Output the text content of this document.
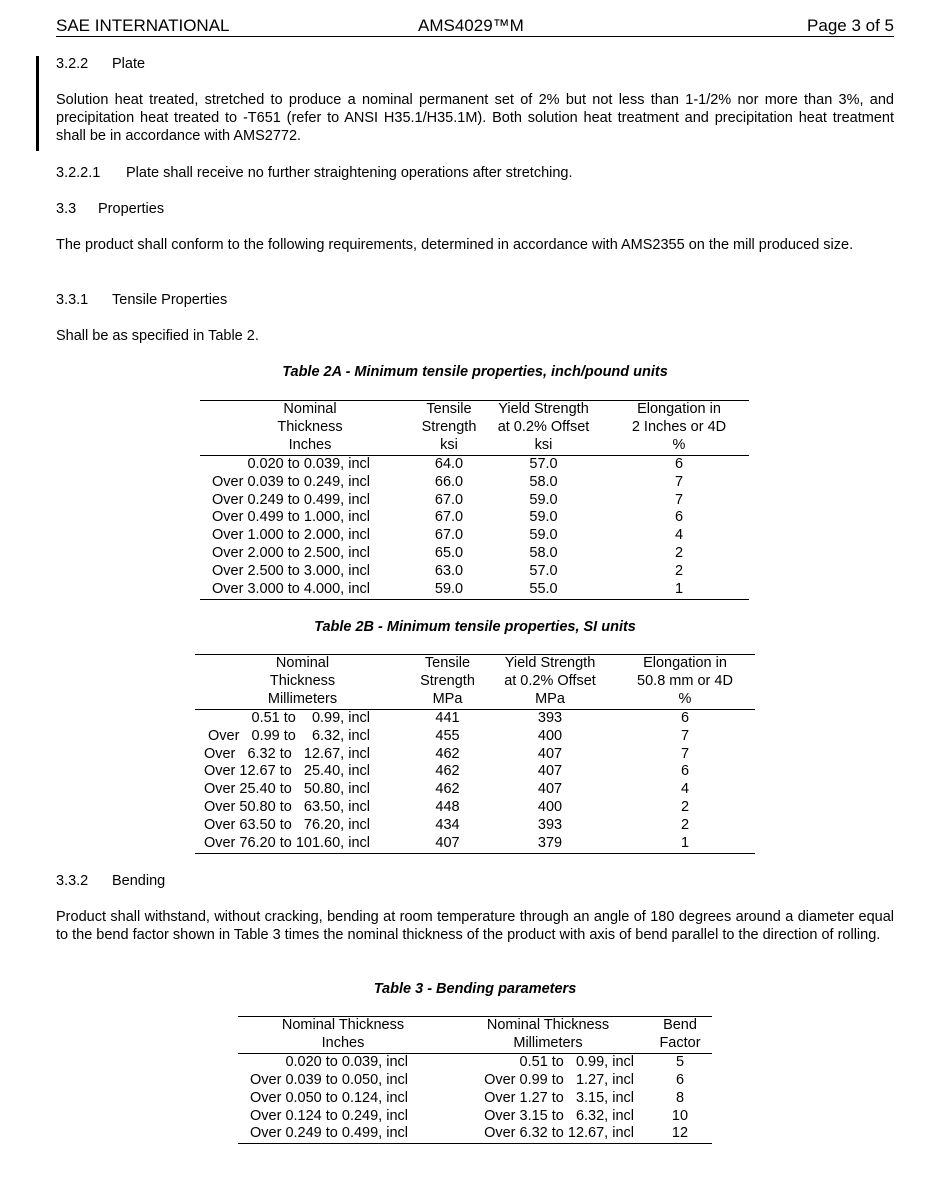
SAE INTERNATIONAL	AMS4029™M	Page 3 of 5
3.2.2 Plate
Solution heat treated, stretched to produce a nominal permanent set of 2% but not less than 1-1/2% nor more than 3%, and precipitation heat treated to -T651 (refer to ANSI H35.1/H35.1M). Both solution heat treatment and precipitation heat treatment shall be in accordance with AMS2772.
3.2.2.1 Plate shall receive no further straightening operations after stretching.
3.3 Properties
The product shall conform to the following requirements, determined in accordance with AMS2355 on the mill produced size.
3.3.1 Tensile Properties
Shall be as specified in Table 2.
Table 2A - Minimum tensile properties, inch/pound units
Nominal	Tensile	Yield Strength	Elongation in
Thickness	Strength	at 0.2% Offset	2 Inches or 4D
Inches	ksi	ksi	%
0.020 to 0.039, incl	64.0	57.0	6
Over 0.039 to 0.249, incl	66.0	58.0	7
Over 0.249 to 0.499, incl	67.0	59.0	7
Over 0.499 to 1.000, incl	67.0	59.0	6
Over 1.000 to 2.000, incl	67.0	59.0	4
Over 2.000 to 2.500, incl	65.0	58.0	2
Over 2.500 to 3.000, incl	63.0	57.0	2
Over 3.000 to 4.000, incl	59.0	55.0	1
Table 2B - Minimum tensile properties, SI units
Nominal	Tensile	Yield Strength	Elongation in
Thickness	Strength	at 0.2% Offset	50.8 mm or 4D
Millimeters	MPa	MPa	%
0.51 to    0.99, incl	441	393	6
Over   0.99 to    6.32, incl	455	400	7
Over   6.32 to   12.67, incl	462	407	7
Over 12.67 to   25.40, incl	462	407	6
Over 25.40 to   50.80, incl	462	407	4
Over 50.80 to   63.50, incl	448	400	2
Over 63.50 to   76.20, incl	434	393	2
Over 76.20 to 101.60, incl	407	379	1
3.3.2 Bending
Product shall withstand, without cracking, bending at room temperature through an angle of 180 degrees around a diameter equal to the bend factor shown in Table 3 times the nominal thickness of the product with axis of bend parallel to the direction of rolling.
Table 3 - Bending parameters
Nominal Thickness	Nominal Thickness	Bend
Inches	Millimeters	Factor
0.020 to 0.039, incl	0.51 to   0.99, incl	5
Over 0.039 to 0.050, incl	Over 0.99 to   1.27, incl	6
Over 0.050 to 0.124, incl	Over 1.27 to   3.15, incl	8
Over 0.124 to 0.249, incl	Over 3.15 to   6.32, incl	10
Over 0.249 to 0.499, incl	Over 6.32 to 12.67, incl	12
